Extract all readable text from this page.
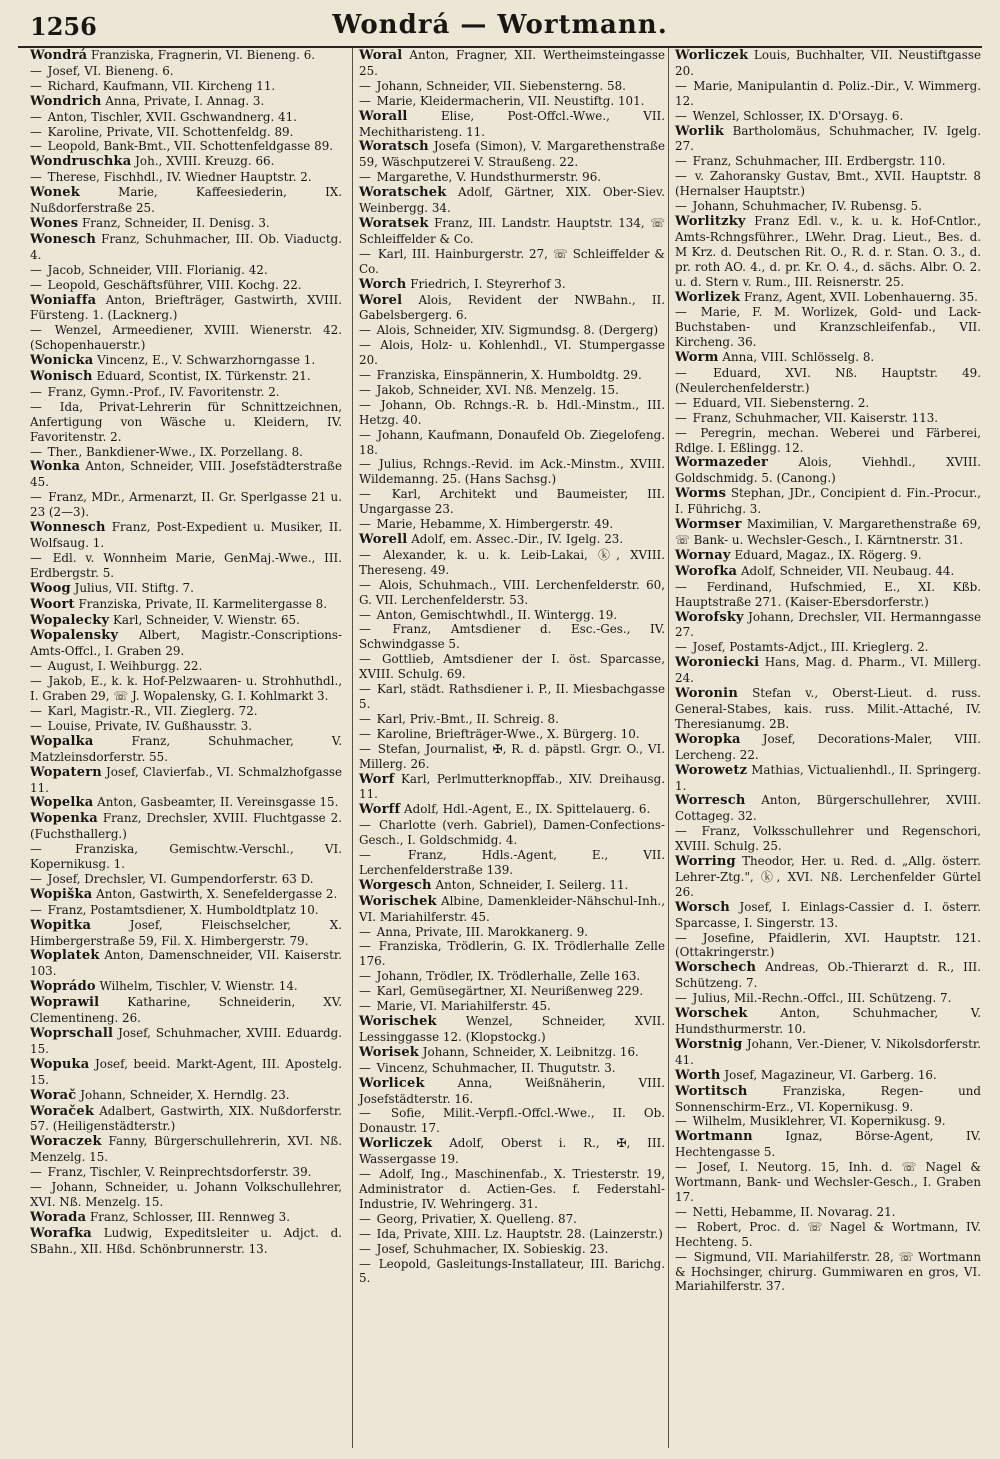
1256	Wondrá — Wortmann.

Wondrá Franziska, Fragnerin, VI. Bieneng. 6.

— Josef, VI. Bieneng. 6.

— Richard, Kaufmann, VII. Kircheng 11.

Wondrich Anna, Private, I. Annag. 3.

— Anton, Tischler, XVII. Gschwandnerg. 41.

— Karoline, Private, VII. Schottenfeldg. 89.

— Leopold, Bank-Bmt., VII. Schottenfeldgasse 89.

Wondruschka Joh., XVIII. Kreuzg. 66.

— Therese, Fischhdl., IV. Wiedner Hauptstr. 2.

Wonek	Marie, Kaffeesiederin, IX. Nußdorferstraße 25.

Wones Franz, Schneider, II. Denisg. 3.

Wonesch Franz, Schuhmacher, III. Ob. Viaductg. 4.

— Jacob, Schneider, VIII. Florianig. 42.

— Leopold, Geschäftsführer, VIII. Kochg. 22.

Woniaffa Anton, Briefträger, Gastwirth, XVIII. Fürsteng. 1. (Lacknerg.)

— Wenzel, Armeediener, XVIII. Wienerstr. 42. (Schopenhauerstr.)

Wonicka Vincenz, E., V. Schwarzhorngasse 1.

Wonisch Eduard, Scontist, IX. Türkenstr. 21.

— Franz, Gymn.-Prof., IV. Favoritenstr. 2.

— Ida, Privat-Lehrerin für Schnittzeichnen, Anfertigung von Wäsche u. Kleidern, IV. Favoritenstr. 2.

— Ther., Bankdiener-Wwe., IX. Porzellang. 8.

Wonka Anton, Schneider, VIII. Josefstädterstraße 45.

— Franz, MDr., Armenarzt, II. Gr. Sperlgasse 21 u. 23 (2—3).

Wonnesch Franz, Post-Expedient u. Musiker, II. Wolfsaug. 1.

— Edl. v. Wonnheim Marie, GenMaj.-Wwe., III. Erdbergstr. 5.

Woog Julius, VII. Stiftg. 7.

Woort Franziska, Private, II. Karmelitergasse 8.

Wopalecky Karl, Schneider, V. Wienstr. 65.

Wopalensky Albert, Magistr.-Conscriptions-Amts-Offcl., I. Graben 29.

— August, I. Weihburgg. 22.

— Jakob, E., k. k. Hof-Pelzwaaren- u. Strohhuthdl., I. Graben 29, ☏ J. Wopalensky, G. I. Kohlmarkt 3.

— Karl, Magistr.-R., VII. Zieglerg. 72.

— Louise, Private, IV. Gußhausstr. 3.

Wopalka	Franz, Schuhmacher, V. Matzleinsdorferstr. 55.

Wopatern Josef, Clavierfab., VI. Schmalzhofgasse 11.

Wopelka Anton, Gasbeamter, II. Vereinsgasse 15.

Wopenka Franz, Drechsler, XVIII. Fluchtgasse 2. (Fuchsthallerg.)

—	Franziska, Gemischtw.-Verschl., VI. Kopernikusg. 1.

— Josef, Drechsler, VI. Gumpendorferstr. 63 D.

Wopiška Anton, Gastwirth, X. Senefeldergasse 2.

— Franz, Postamtsdiener, X. Humboldtplatz 10.

Wopitka	Josef, Fleischselcher, X. Himbergerstraße 59, Fil. X. Himbergerstr. 79.

Woplatek Anton, Damenschneider, VII. Kaiserstr. 103.

Woprádo Wilhelm, Tischler, V. Wienstr. 14.

Woprawil Katharine, Schneiderin, XV. Clementineng. 26.

Woprschall Josef, Schuhmacher, XVIII. Eduardg. 15.

Wopuka Josef, beeid. Markt-Agent, III. Apostelg. 15.

Worač Johann, Schneider, X. Herndlg. 23.

Woraček Adalbert, Gastwirth, XIX. Nußdorferstr. 57. (Heiligenstädterstr.)

Woraczek Fanny, Bürgerschullehrerin, XVI. Nß. Menzelg. 15.

— Franz, Tischler, V. Reinprechtsdorferstr. 39.

— Johann, Schneider, u. Johann Volkschullehrer, XVI. Nß. Menzelg. 15.

Worada Franz, Schlosser, III. Rennweg 3.

Worafka Ludwig, Expeditsleiter u. Adjct. d. SBahn., XII. Hßd. Schönbrunnerstr. 13.

Woral Anton, Fragner, XII. Wertheimsteingasse 25.

— Johann, Schneider, VII. Siebensterng. 58.

— Marie, Kleidermacherin, VII. Neustiftg. 101.

Worall	Elise, Post-Offcl.-Wwe., VII. Mechitharisteng. 11.

Woratsch Josefa (Simon), V. Margarethenstraße 59, Wäschputzerei V. Straußeng. 22.

— Margarethe, V. Hundsthurmerstr. 96.

Woratschek Adolf, Gärtner, XIX. Ober-Siev. Weinbergg. 34.

Woratsek Franz, III. Landstr. Hauptstr. 134, ☏ Schleiffelder & Co.

— Karl, III. Hainburgerstr. 27, ☏ Schleiffelder & Co.

Worch Friedrich, I. Steyrerhof 3.

Worel Alois, Revident der NWBahn., II. Gabelsbergerg. 6.

— Alois, Schneider, XIV. Sigmundsg. 8. (Dergerg)

— Alois, Holz- u. Kohlenhdl., VI. Stumpergasse 20.

— Franziska, Einspännerin, X. Humboldtg. 29.

— Jakob, Schneider, XVI. Nß. Menzelg. 15.

— Johann, Ob. Rchngs.-R. b. Hdl.-Minstm., III. Hetzg. 40.

— Johann, Kaufmann, Donaufeld Ob. Ziegelofeng. 18.

— Julius, Rchngs.-Revid. im Ack.-Minstm., XVIII. Wildemanng. 25. (Hans Sachsg.)

— Karl, Architekt und Baumeister, III. Ungargasse 23.

— Marie, Hebamme, X. Himbergerstr. 49.

Worell Adolf, em. Assec.-Dir., IV. Igelg. 23.

— Alexander, k. u. k. Leib-Lakai, ⓚ, XVIII. Thereseng. 49.

— Alois, Schuhmach., VIII. Lerchenfelderstr. 60, G. VII. Lerchenfelderstr. 53.

— Anton, Gemischtwhdl., II. Wintergg. 19.

— Franz, Amtsdiener d. Esc.-Ges., IV. Schwindgasse 5.

— Gottlieb, Amtsdiener der I. öst. Sparcasse, XVIII. Schulg. 69.

— Karl, städt. Rathsdiener i. P., II. Miesbachgasse 5.

— Karl, Priv.-Bmt., II. Schreig. 8.

— Karoline, Briefträger-Wwe., X. Bürgerg. 10.

— Stefan, Journalist, ✠, R. d. päpstl. Grgr. O., VI. Millerg. 26.

Worf Karl, Perlmutterknopffab., XIV. Dreihausg. 11.

Worff Adolf, Hdl.-Agent, E., IX. Spittelauerg. 6.

— Charlotte (verh. Gabriel), Damen-Confections-Gesch., I. Goldschmidg. 4.

—	Franz, Hdls.-Agent, E., VII. Lerchenfelderstraße 139.

Worgesch Anton, Schneider, I. Seilerg. 11.

Worischek Albine, Damenkleider-Nähschul-Inh., VI. Mariahilferstr. 45.

— Anna, Private, III. Marokkanerg. 9.

— Franziska, Trödlerin, G. IX. Trödlerhalle Zelle 176.

— Johann, Trödler, IX. Trödlerhalle, Zelle 163.

— Karl, Gemüsegärtner, XI. Neurißenweg 229.

— Marie, VI. Mariahilferstr. 45.

Worischek Wenzel, Schneider, XVII. Lessinggasse 12. (Klopstockg.)

Worisek Johann, Schneider, X. Leibnitzg. 16.

— Vincenz, Schuhmacher, II. Thugutstr. 3.

Worlicek	Anna, Weißnäherin, VIII. Josefstädterstr. 16.

— Sofie, Milit.-Verpfl.-Offcl.-Wwe., II. Ob. Donaustr. 17.

Worliczek Adolf, Oberst i. R., ✠, III. Wassergasse 19.

— Adolf, Ing., Maschinenfab., X. Triesterstr. 19, Administrator d. Actien-Ges. f. Federstahl-Industrie, IV. Wehringerg. 31.

— Georg, Privatier, X. Quelleng. 87.

— Ida, Private, XIII. Lz. Hauptstr. 28. (Lainzerstr.)

— Josef, Schuhmacher, IX. Sobieskig. 23.

— Leopold, Gasleitungs-Installateur, III. Barichg. 5.

Worliczek Louis, Buchhalter, VII. Neustiftgasse 20.

— Marie, Manipulantin d. Poliz.-Dir., V. Wimmerg. 12.

— Wenzel, Schlosser, IX. D'Orsayg. 6.

Worlik Bartholomäus, Schuhmacher, IV. Igelg. 27.

— Franz, Schuhmacher, III. Erdbergstr. 110.

— v. Zahoransky Gustav, Bmt., XVII. Hauptstr. 8 (Hernalser Hauptstr.)

— Johann, Schuhmacher, IV. Rubensg. 5.

Worlitzky Franz Edl. v., k. u. k. Hof-Cntlor., Amts-Rchngsführer., LWehr. Drag. Lieut., Bes. d. M Krz. d. Deutschen Rit. O., R. d. r. Stan. O. 3., d. pr. roth AO. 4., d. pr. Kr. O. 4., d. sächs. Albr. O. 2. u. d. Stern v. Rum., III. Reisnerstr. 25.

Worlizek Franz, Agent, XVII. Lobenhauerng. 35.

— Marie, F. M. Worlizek, Gold- und Lack-Buchstaben- und Kranzschleifenfab., VII. Kircheng. 36.

Worm Anna, VIII. Schlösselg. 8.

— Eduard, XVI. Nß. Hauptstr. 49. (Neulerchenfelderstr.)

— Eduard, VII. Siebensterng. 2.

— Franz, Schuhmacher, VII. Kaiserstr. 113.

— Peregrin, mechan. Weberei und Färberei, Rdlge. I. Eßlingg. 12.

Wormazeder	Alois, Viehhdl., XVIII. Goldschmidg. 5. (Canong.)

Worms Stephan, JDr., Concipient d. Fin.-Procur., I. Führichg. 3.

Wormser Maximilian, V. Margarethenstraße 69, ☏ Bank- u. Wechsler-Gesch., I. Kärntnerstr. 31.

Wornay Eduard, Magaz., IX. Rögerg. 9.

Worofka Adolf, Schneider, VII. Neubaug. 44.

— Ferdinand, Hufschmied, E., XI. Kßb. Hauptstraße 271. (Kaiser-Ebersdorferstr.)

Worofsky Johann, Drechsler, VII. Hermanngasse 27.

— Josef, Postamts-Adjct., III. Krieglerg. 2.

Woroniecki Hans, Mag. d. Pharm., VI. Millerg. 24.

Woronin Stefan v., Oberst-Lieut. d. russ. General-Stabes, kais. russ. Milit.-Attaché, IV. Theresianumg. 2B.

Woropka Josef, Decorations-Maler, VIII. Lercheng. 22.

Worowetz Mathias, Victualienhdl., II. Springerg. 1.

Worresch Anton, Bürgerschullehrer, XVIII. Cottageg. 32.

— Franz, Volksschullehrer und Regenschori, XVIII. Schulg. 25.

Worring Theodor, Her. u. Red. d. „Allg. österr. Lehrer-Ztg.", ⓚ, XVI. Nß. Lerchenfelder Gürtel 26.

Worsch Josef, I. Einlags-Cassier d. I. österr. Sparcasse, I. Singerstr. 13.

— Josefine, Pfaidlerin, XVI. Hauptstr. 121. (Ottakringerstr.)

Worschech Andreas, Ob.-Thierarzt d. R., III. Schützeng. 7.

— Julius, Mil.-Rechn.-Offcl., III. Schützeng. 7.

Worschek	Anton, Schuhmacher, V. Hundsthurmerstr. 10.

Worstnig Johann, Ver.-Diener, V. Nikolsdorferstr. 41.

Worth Josef, Magazineur, VI. Garberg. 16.

Wortitsch	Franziska, Regen- und Sonnenschirm-Erz., VI. Kopernikusg. 9.

— Wilhelm, Musiklehrer, VI. Kopernikusg. 9.

Wortmann	Ignaz, Börse-Agent, IV. Hechtengasse 5.

— Josef, I. Neutorg. 15, Inh. d. ☏ Nagel & Wortmann, Bank- und Wechsler-Gesch., I. Graben 17.

— Netti, Hebamme, II. Novarag. 21.

— Robert, Proc. d. ☏ Nagel & Wortmann, IV. Hechteng. 5.

— Sigmund, VII. Mariahilferstr. 28, ☏ Wortmann & Hochsinger, chirurg. Gummiwaren en gros, VI. Mariahilferstr. 37.
